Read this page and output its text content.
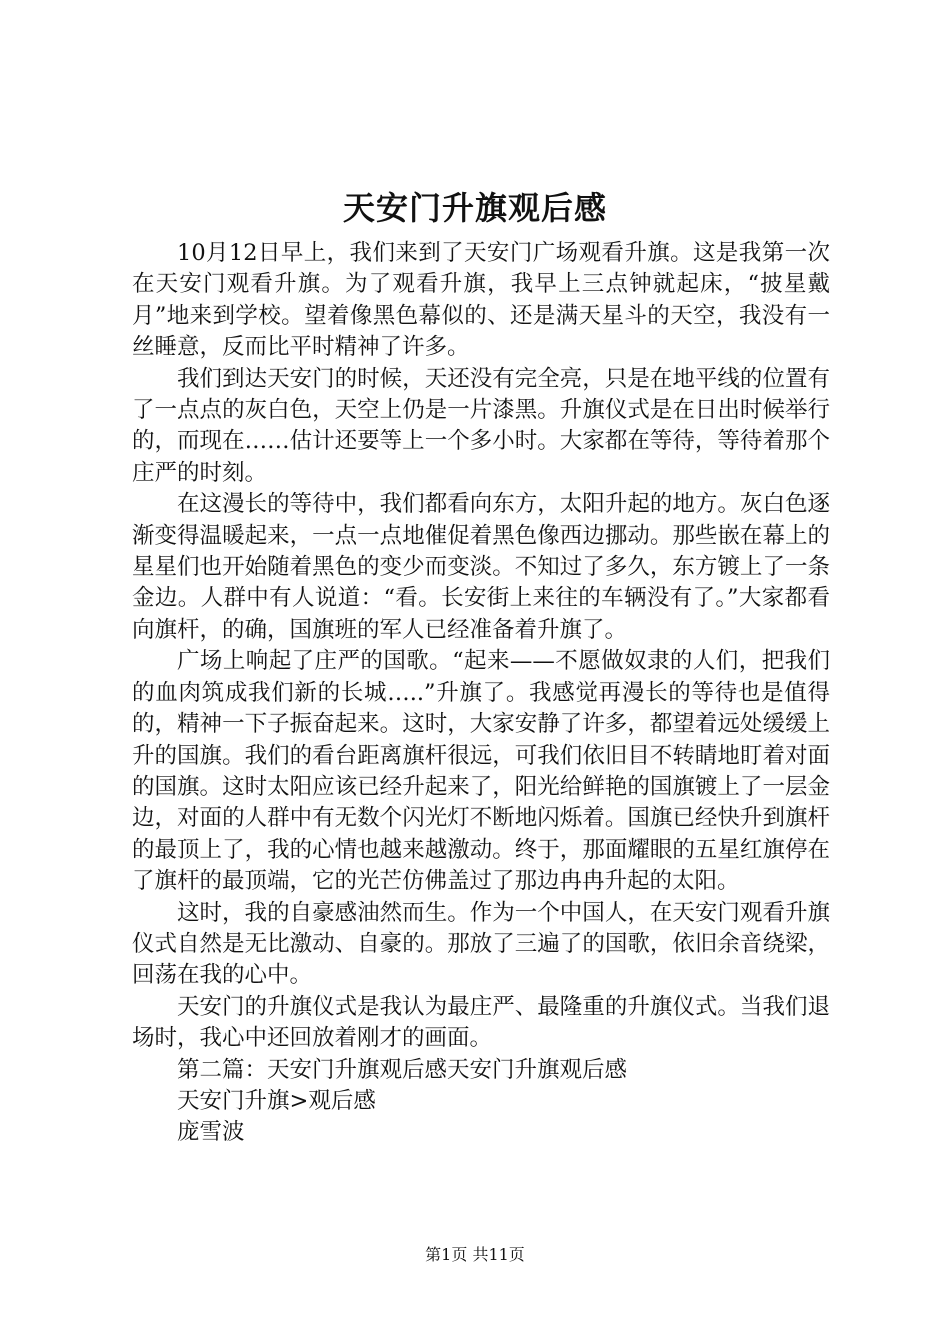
天安门升旗观后感

10月12日早上，我们来到了天安门广场观看升旗。这是我第一次在天安门观看升旗。为了观看升旗，我早上三点钟就起床，“披星戴月”地来到学校。望着像黑色幕似的、还是满天星斗的天空，我没有一丝睡意，反而比平时精神了许多。

我们到达天安门的时候，天还没有完全亮，只是在地平线的位置有了一点点的灰白色，天空上仍是一片漆黑。升旗仪式是在日出时候举行的，而现在……估计还要等上一个多小时。大家都在等待，等待着那个庄严的时刻。

在这漫长的等待中，我们都看向东方，太阳升起的地方。灰白色逐渐变得温暖起来，一点一点地催促着黑色像西边挪动。那些嵌在幕上的星星们也开始随着黑色的变少而变淡。不知过了多久，东方镀上了一条金边。人群中有人说道：“看。长安街上来往的车辆没有了。”大家都看向旗杆，的确，国旗班的军人已经准备着升旗了。

广场上响起了庄严的国歌。“起来——不愿做奴隶的人们，把我们的血肉筑成我们新的长城…..”升旗了。我感觉再漫长的等待也是值得的，精神一下子振奋起来。这时，大家安静了许多，都望着远处缓缓上升的国旗。我们的看台距离旗杆很远，可我们依旧目不转睛地盯着对面的国旗。这时太阳应该已经升起来了，阳光给鲜艳的国旗镀上了一层金边，对面的人群中有无数个闪光灯不断地闪烁着。国旗已经快升到旗杆的最顶上了，我的心情也越来越激动。终于，那面耀眼的五星红旗停在了旗杆的最顶端，它的光芒仿佛盖过了那边冉冉升起的太阳。

这时，我的自豪感油然而生。作为一个中国人，在天安门观看升旗仪式自然是无比激动、自豪的。那放了三遍了的国歌，依旧余音绕梁，回荡在我的心中。

天安门的升旗仪式是我认为最庄严、最隆重的升旗仪式。当我们退场时，我心中还回放着刚才的画面。

第二篇：天安门升旗观后感天安门升旗观后感

天安门升旗>观后感

庞雪波

第1页 共11页
